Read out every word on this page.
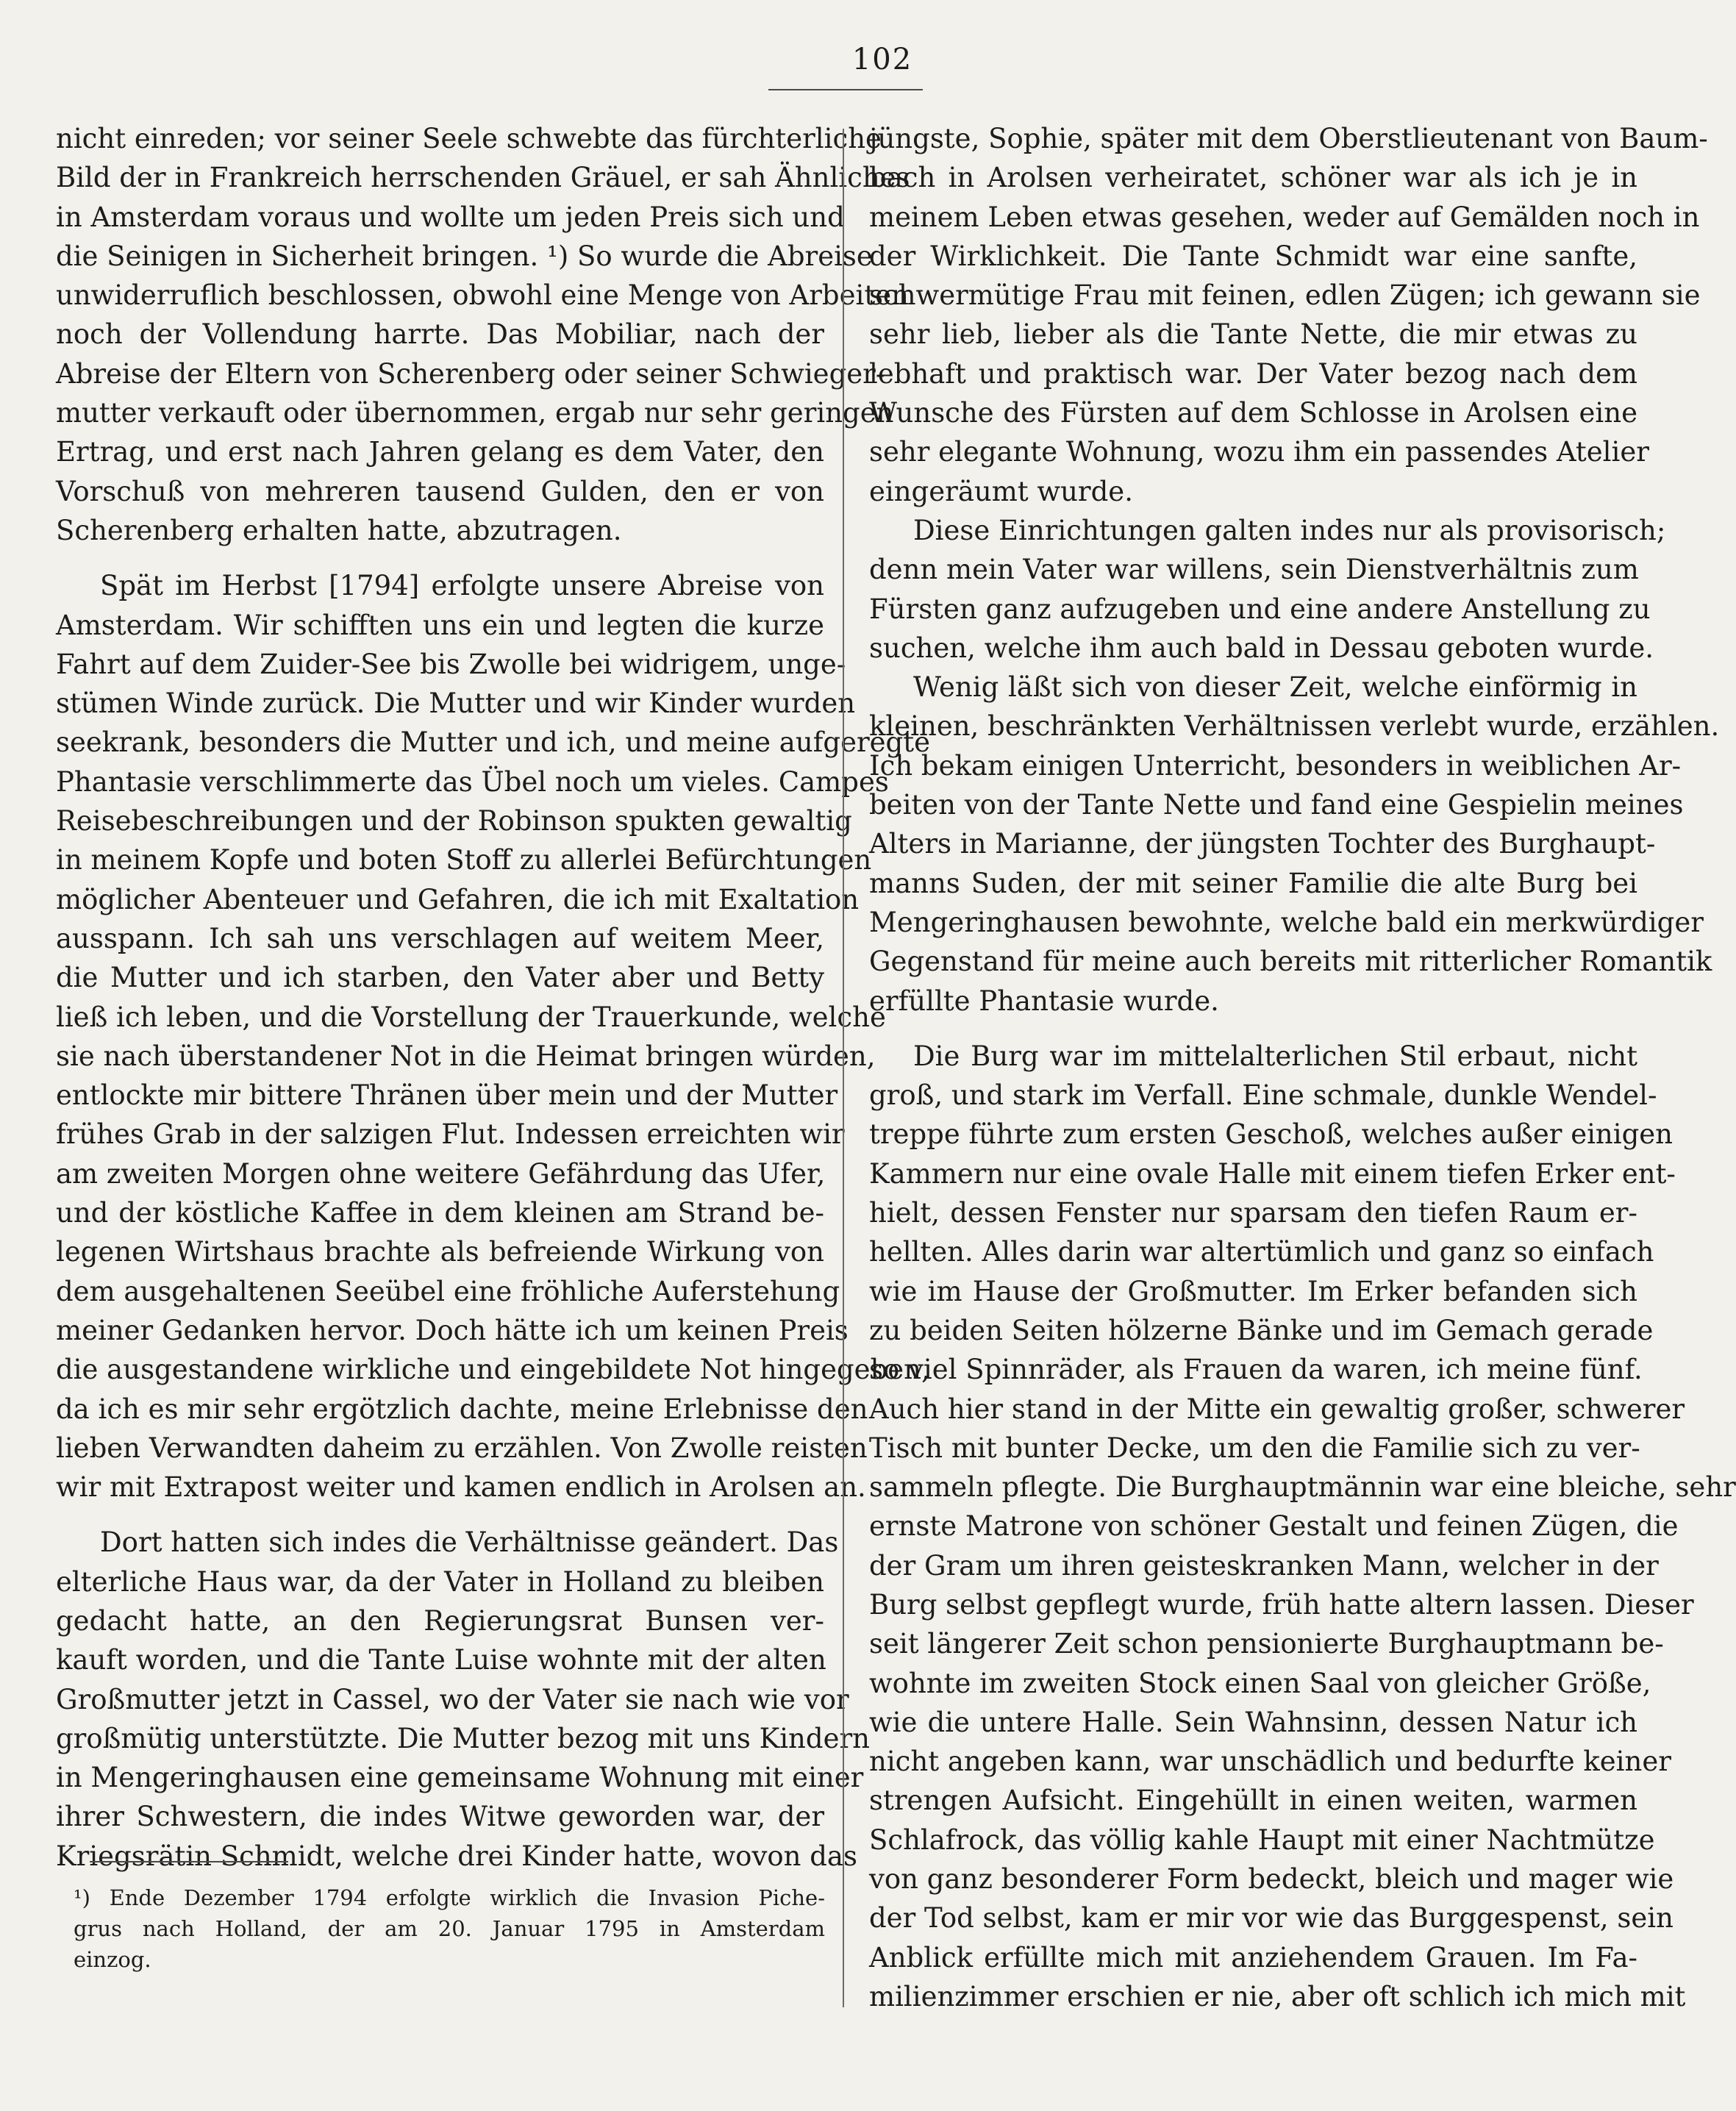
102
nicht einreden; vor seiner Seele schwebte das fürchterliche
Bild der in Frankreich herrschenden Gräuel, er sah Ähnliches
in Amsterdam voraus und wollte um jeden Preis sich und
die Seinigen in Sicherheit bringen. ¹) So wurde die Abreise
unwiderruflich beschlossen, obwohl eine Menge von Arbeiten
noch der Vollendung harrte. Das Mobiliar, nach der
Abreise der Eltern von Scherenberg oder seiner Schwieger-
mutter verkauft oder übernommen, ergab nur sehr geringen
Ertrag, und erst nach Jahren gelang es dem Vater, den
Vorschuß von mehreren tausend Gulden, den er von
Scherenberg erhalten hatte, abzutragen.
Spät im Herbst [1794] erfolgte unsere Abreise von
Amsterdam. Wir schifften uns ein und legten die kurze
Fahrt auf dem Zuider-See bis Zwolle bei widrigem, unge-
stümen Winde zurück. Die Mutter und wir Kinder wurden
seekrank, besonders die Mutter und ich, und meine aufgeregte
Phantasie verschlimmerte das Übel noch um vieles. Campes
Reisebeschreibungen und der Robinson spukten gewaltig
in meinem Kopfe und boten Stoff zu allerlei Befürchtungen
möglicher Abenteuer und Gefahren, die ich mit Exaltation
ausspann. Ich sah uns verschlagen auf weitem Meer,
die Mutter und ich starben, den Vater aber und Betty
ließ ich leben, und die Vorstellung der Trauerkunde, welche
sie nach überstandener Not in die Heimat bringen würden,
entlockte mir bittere Thränen über mein und der Mutter
frühes Grab in der salzigen Flut. Indessen erreichten wir
am zweiten Morgen ohne weitere Gefährdung das Ufer,
und der köstliche Kaffee in dem kleinen am Strand be-
legenen Wirtshaus brachte als befreiende Wirkung von
dem ausgehaltenen Seeübel eine fröhliche Auferstehung
meiner Gedanken hervor. Doch hätte ich um keinen Preis
die ausgestandene wirkliche und eingebildete Not hingegeben,
da ich es mir sehr ergötzlich dachte, meine Erlebnisse den
lieben Verwandten daheim zu erzählen. Von Zwolle reisten
wir mit Extrapost weiter und kamen endlich in Arolsen an.
Dort hatten sich indes die Verhältnisse geändert. Das
elterliche Haus war, da der Vater in Holland zu bleiben
gedacht hatte, an den Regierungsrat Bunsen ver-
kauft worden, und die Tante Luise wohnte mit der alten
Großmutter jetzt in Cassel, wo der Vater sie nach wie vor
großmütig unterstützte. Die Mutter bezog mit uns Kindern
in Mengeringhausen eine gemeinsame Wohnung mit einer
ihrer Schwestern, die indes Witwe geworden war, der
Kriegsrätin Schmidt, welche drei Kinder hatte, wovon das
jüngste, Sophie, später mit dem Oberstlieutenant von Baum-
bach in Arolsen verheiratet, schöner war als ich je in
meinem Leben etwas gesehen, weder auf Gemälden noch in
der Wirklichkeit. Die Tante Schmidt war eine sanfte,
schwermütige Frau mit feinen, edlen Zügen; ich gewann sie
sehr lieb, lieber als die Tante Nette, die mir etwas zu
lebhaft und praktisch war. Der Vater bezog nach dem
Wunsche des Fürsten auf dem Schlosse in Arolsen eine
sehr elegante Wohnung, wozu ihm ein passendes Atelier
eingeräumt wurde.
Diese Einrichtungen galten indes nur als provisorisch;
denn mein Vater war willens, sein Dienstverhältnis zum
Fürsten ganz aufzugeben und eine andere Anstellung zu
suchen, welche ihm auch bald in Dessau geboten wurde.
Wenig läßt sich von dieser Zeit, welche einförmig in
kleinen, beschränkten Verhältnissen verlebt wurde, erzählen.
Ich bekam einigen Unterricht, besonders in weiblichen Ar-
beiten von der Tante Nette und fand eine Gespielin meines
Alters in Marianne, der jüngsten Tochter des Burghaupt-
manns Suden, der mit seiner Familie die alte Burg bei
Mengeringhausen bewohnte, welche bald ein merkwürdiger
Gegenstand für meine auch bereits mit ritterlicher Romantik
erfüllte Phantasie wurde.
Die Burg war im mittelalterlichen Stil erbaut, nicht
groß, und stark im Verfall. Eine schmale, dunkle Wendel-
treppe führte zum ersten Geschoß, welches außer einigen
Kammern nur eine ovale Halle mit einem tiefen Erker ent-
hielt, dessen Fenster nur sparsam den tiefen Raum er-
hellten. Alles darin war altertümlich und ganz so einfach
wie im Hause der Großmutter. Im Erker befanden sich
zu beiden Seiten hölzerne Bänke und im Gemach gerade
so viel Spinnräder, als Frauen da waren, ich meine fünf.
Auch hier stand in der Mitte ein gewaltig großer, schwerer
Tisch mit bunter Decke, um den die Familie sich zu ver-
sammeln pflegte. Die Burghauptmännin war eine bleiche, sehr
ernste Matrone von schöner Gestalt und feinen Zügen, die
der Gram um ihren geisteskranken Mann, welcher in der
Burg selbst gepflegt wurde, früh hatte altern lassen. Dieser
seit längerer Zeit schon pensionierte Burghauptmann be-
wohnte im zweiten Stock einen Saal von gleicher Größe,
wie die untere Halle. Sein Wahnsinn, dessen Natur ich
nicht angeben kann, war unschädlich und bedurfte keiner
strengen Aufsicht. Eingehüllt in einen weiten, warmen
Schlafrock, das völlig kahle Haupt mit einer Nachtmütze
von ganz besonderer Form bedeckt, bleich und mager wie
der Tod selbst, kam er mir vor wie das Burggespenst, sein
Anblick erfüllte mich mit anziehendem Grauen. Im Fa-
milienzimmer erschien er nie, aber oft schlich ich mich mit
¹) Ende Dezember 1794 erfolgte wirklich die Invasion Piche-
grus nach Holland, der am 20. Januar 1795 in Amsterdam
einzog.
